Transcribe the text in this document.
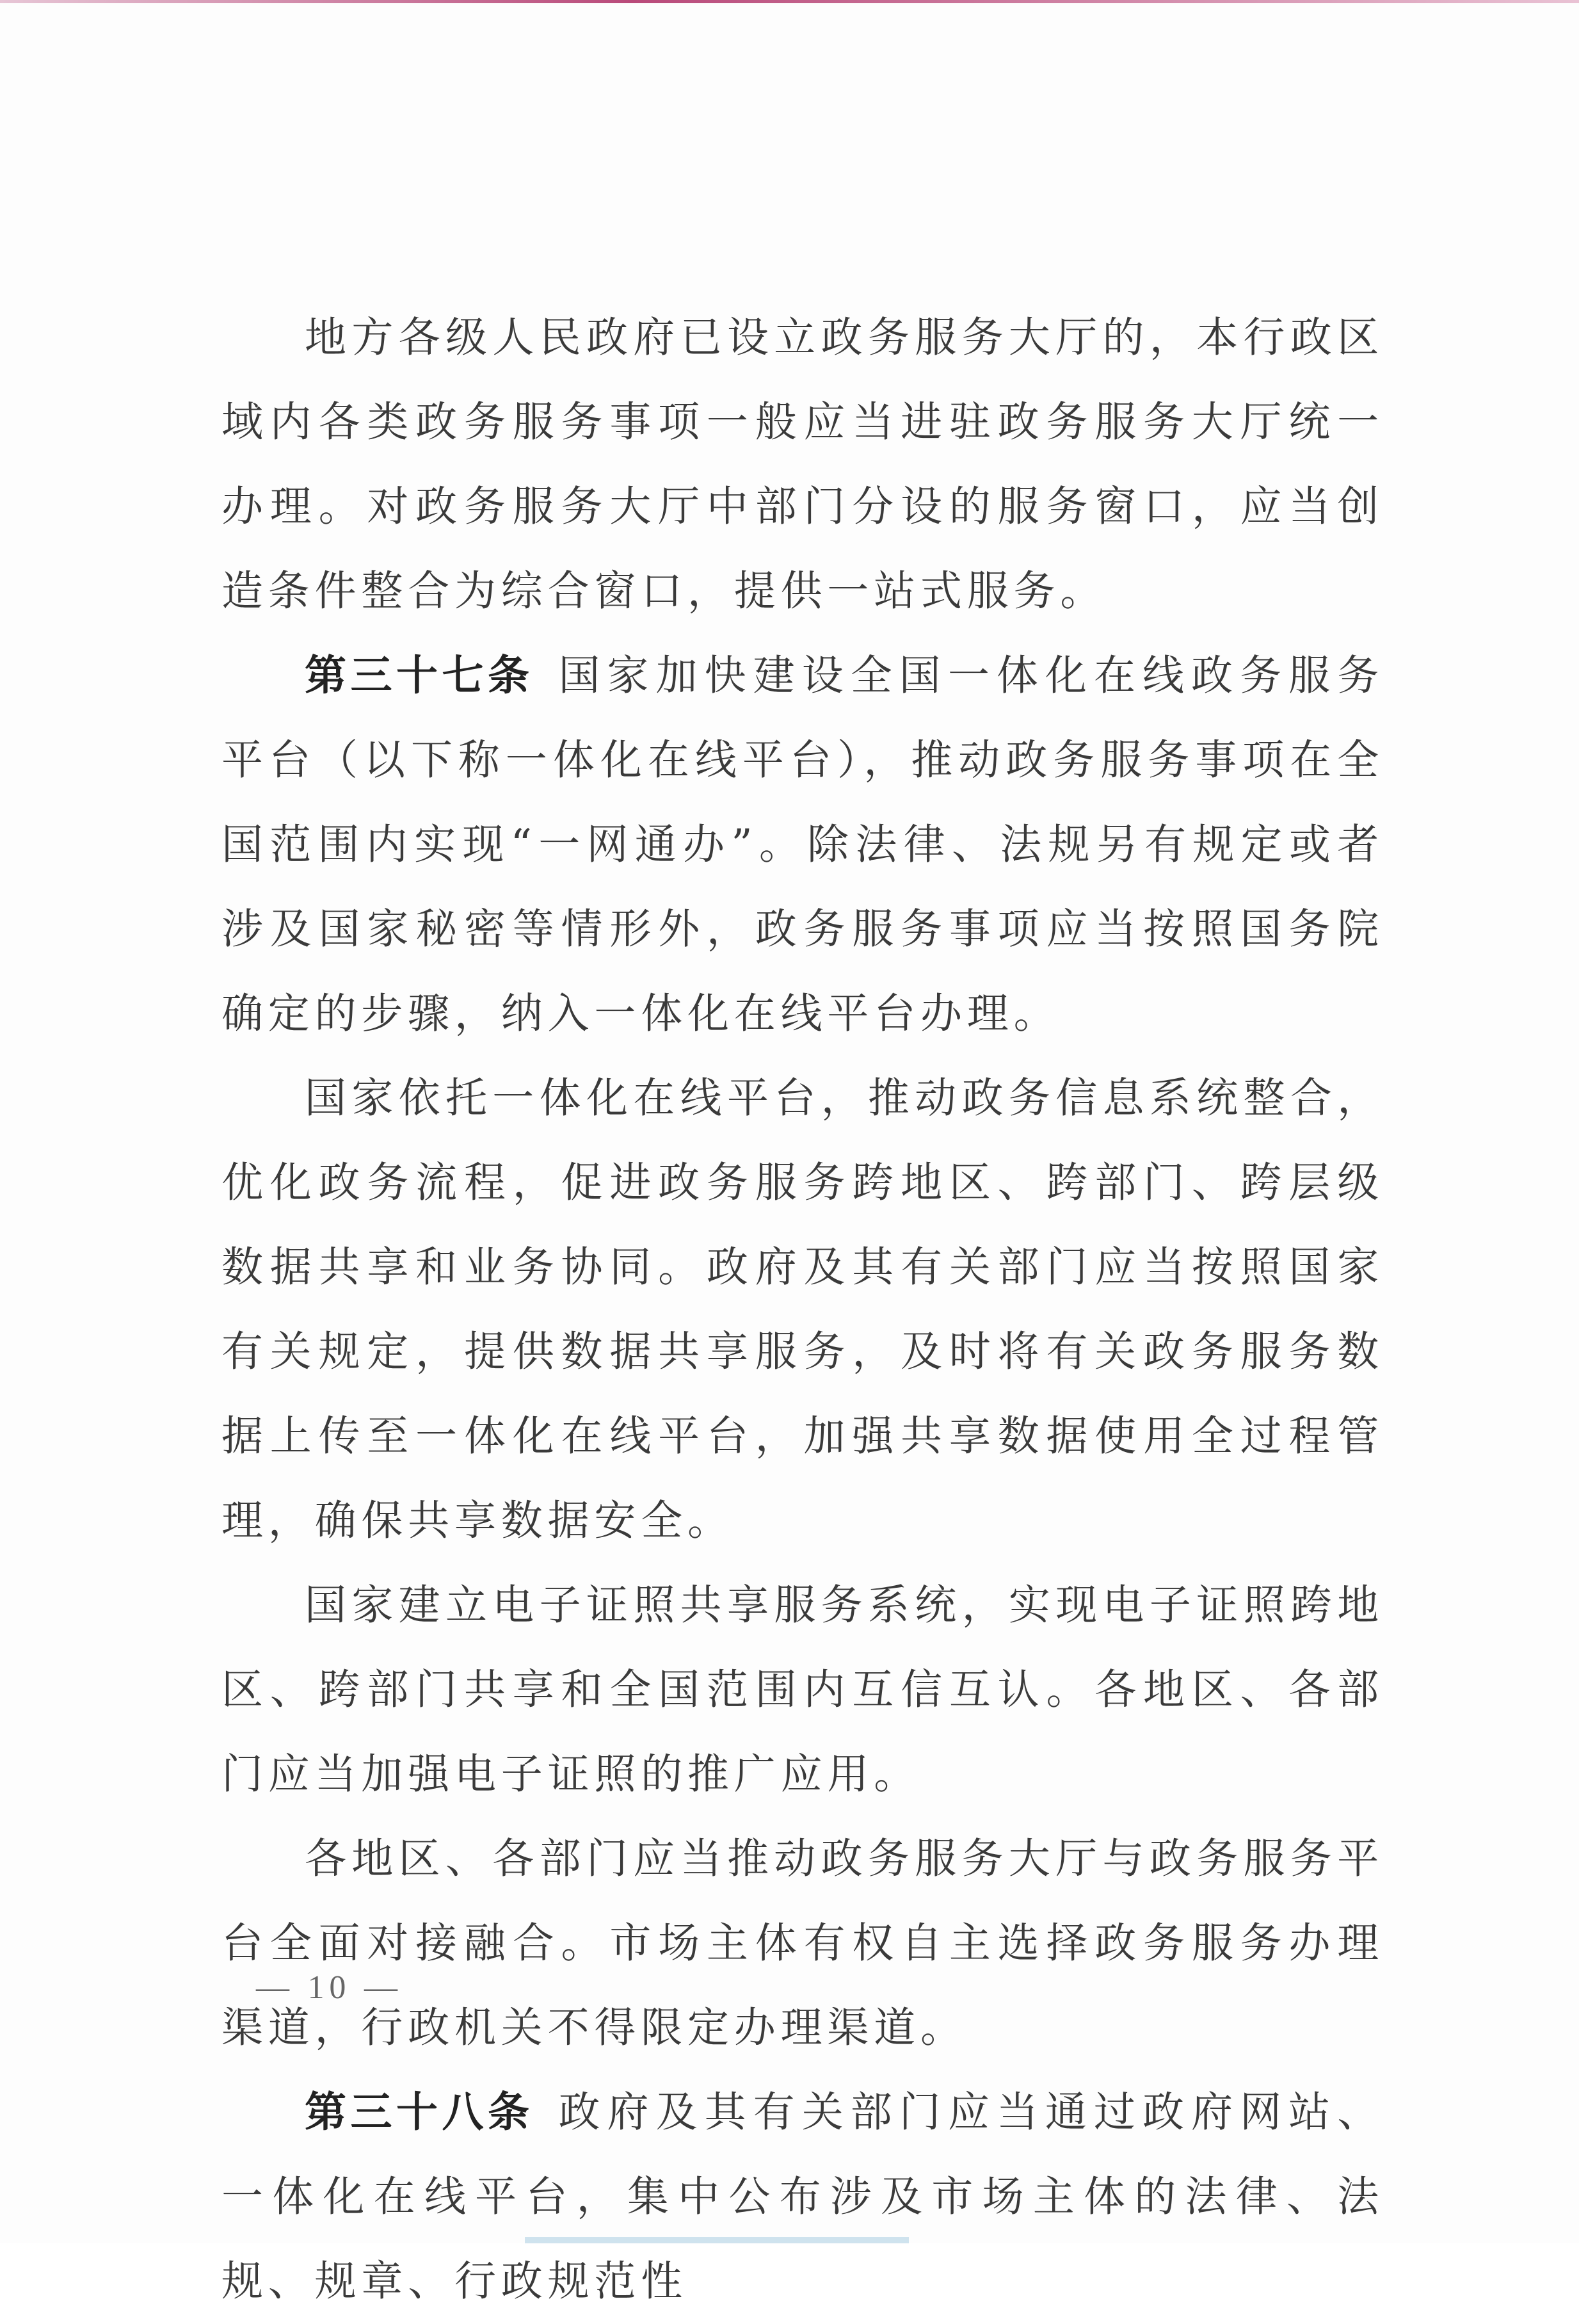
地方各级人民政府已设立政务服务大厅的，本行政区域内各类政务服务事项一般应当进驻政务服务大厅统一办理。对政务服务大厅中部门分设的服务窗口，应当创造条件整合为综合窗口，提供一站式服务。

第三十七条 国家加快建设全国一体化在线政务服务平台（以下称一体化在线平台），推动政务服务事项在全国范围内实现“一网通办”。除法律、法规另有规定或者涉及国家秘密等情形外，政务服务事项应当按照国务院确定的步骤，纳入一体化在线平台办理。

国家依托一体化在线平台，推动政务信息系统整合，优化政务流程，促进政务服务跨地区、跨部门、跨层级数据共享和业务协同。政府及其有关部门应当按照国家有关规定，提供数据共享服务，及时将有关政务服务数据上传至一体化在线平台，加强共享数据使用全过程管理，确保共享数据安全。

国家建立电子证照共享服务系统，实现电子证照跨地区、跨部门共享和全国范围内互信互认。各地区、各部门应当加强电子证照的推广应用。

各地区、各部门应当推动政务服务大厅与政务服务平台全面对接融合。市场主体有权自主选择政务服务办理渠道，行政机关不得限定办理渠道。

第三十八条 政府及其有关部门应当通过政府网站、一体化在线平台，集中公布涉及市场主体的法律、法规、规章、行政规范性

— 10 —
